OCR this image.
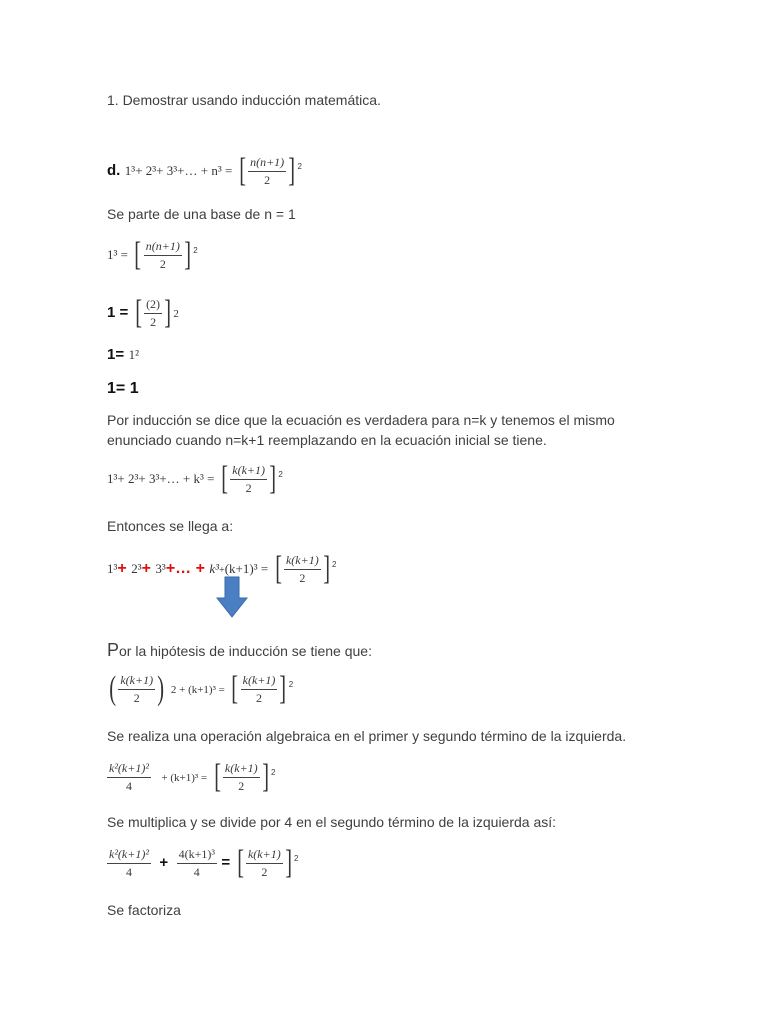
1. Demostrar usando inducción matemática.
d. 1³+ 2³+ 3³+… + n³ = [ $\frac{n(n+1)}{2}$ ] $^2$
Se parte de una base de n = 1
1³ = [ $\frac{n(n+1)}{2}$ ] $^2$
1 = [ $\frac{(2)}{2}$ ] 2
1= 1²
1= 1
Por inducción se dice que la ecuación es verdadera para n=k y tenemos el mismo
enunciado cuando n=k+1 reemplazando en la ecuación inicial se tiene.
1³+ 2³+ 3³+… + k³ = [ $\frac{k(k+1)}{2}$ ] $^2$
Entonces se llega a:
1³+ 2³+ 3³+… + k³+(k+1)³ = [ $\frac{k(k+1)}{2}$ ] $^2$
Por la hipótesis de inducción se tiene que:
( $\frac{k(k+1)}{2}$ ) 2 + (k+1)³ = [ $\frac{k(k+1)}{2}$ ] $^2$
Se realiza una operación algebraica en el primer y segundo término de la izquierda.
$\frac{\text{k²(k+1)²}}{4} + (k+1)^3$ = [ $\frac{k(k+1)}{2}$ ] $^2$
Se multiplica y se divide por 4 en el segundo término de la izquierda así:
$\frac{\text{k²(k+1)²}}{4} + \frac{\text{4(k+1)³}}{4}$ = [ $\frac{k(k+1)}{2}$ ] $^2$
Se factoriza
